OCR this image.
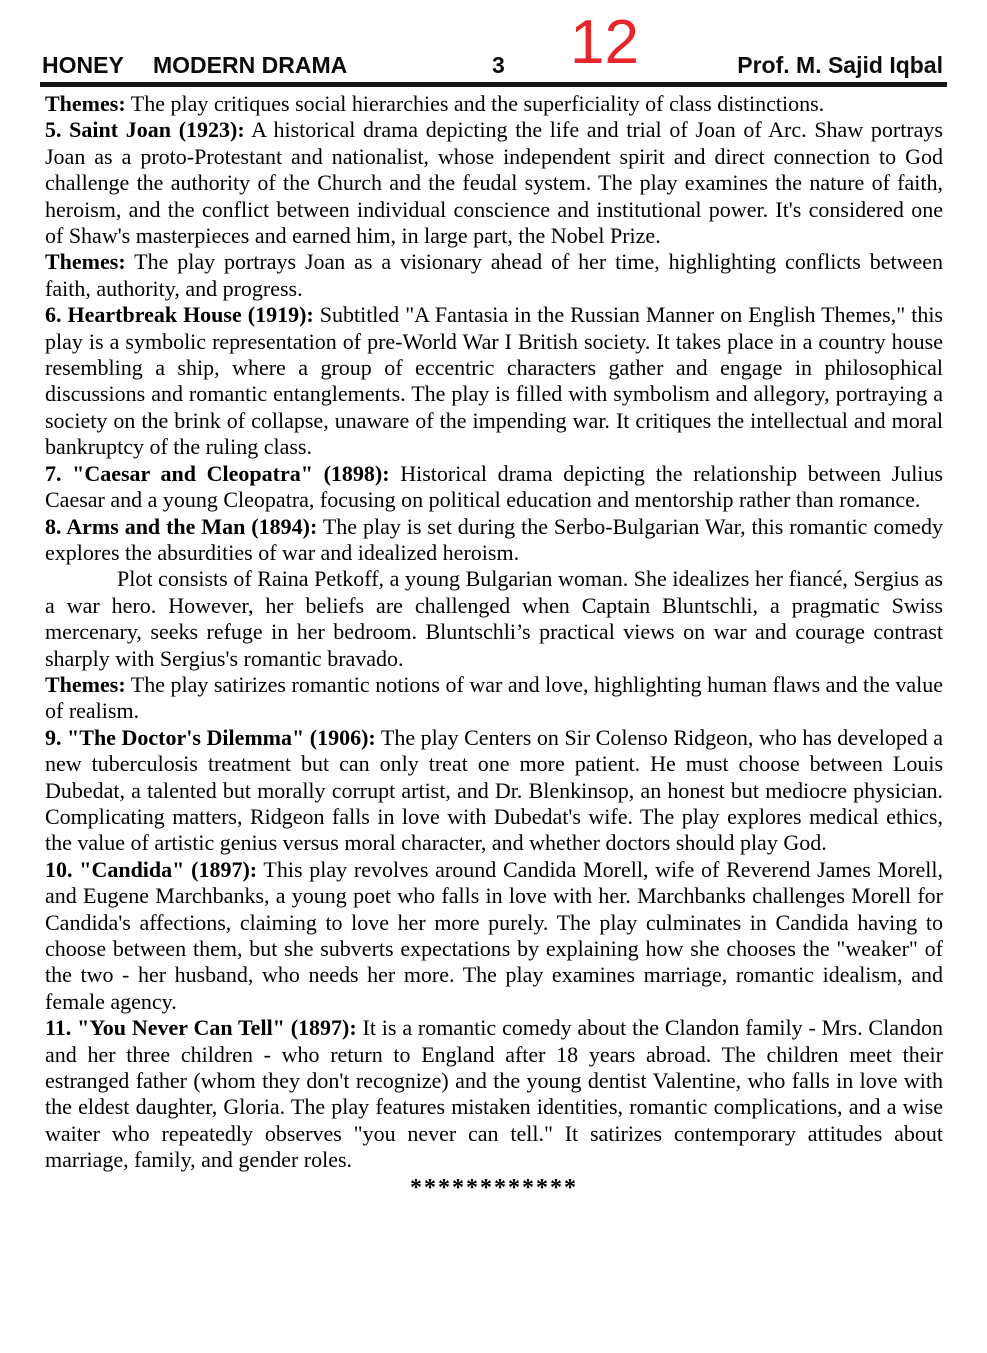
HONEY MODERN DRAMA	3 12	Prof. M. Sajid Iqbal

Themes: The play critiques social hierarchies and the superficiality of class distinctions.

5. Saint Joan (1923): A historical drama depicting the life and trial of Joan of Arc. Shaw portrays Joan as a proto-Protestant and nationalist, whose independent spirit and direct connection to God challenge the authority of the Church and the feudal system. The play examines the nature of faith, heroism, and the conflict between individual conscience and institutional power. It's considered one of Shaw's masterpieces and earned him, in large part, the Nobel Prize.

Themes: The play portrays Joan as a visionary ahead of her time, highlighting conflicts between faith, authority, and progress.

6. Heartbreak House (1919): Subtitled "A Fantasia in the Russian Manner on English Themes," this play is a symbolic representation of pre-World War I British society. It takes place in a country house resembling a ship, where a group of eccentric characters gather and engage in philosophical discussions and romantic entanglements. The play is filled with symbolism and allegory, portraying a society on the brink of collapse, unaware of the impending war. It critiques the intellectual and moral bankruptcy of the ruling class.

7. "Caesar and Cleopatra" (1898): Historical drama depicting the relationship between Julius Caesar and a young Cleopatra, focusing on political education and mentorship rather than romance.

8. Arms and the Man (1894): The play is set during the Serbo-Bulgarian War, this romantic comedy explores the absurdities of war and idealized heroism.

Plot consists of Raina Petkoff, a young Bulgarian woman. She idealizes her fiancé, Sergius as a war hero. However, her beliefs are challenged when Captain Bluntschli, a pragmatic Swiss mercenary, seeks refuge in her bedroom. Bluntschli’s practical views on war and courage contrast sharply with Sergius's romantic bravado.

Themes: The play satirizes romantic notions of war and love, highlighting human flaws and the value of realism.

9. "The Doctor's Dilemma" (1906): The play Centers on Sir Colenso Ridgeon, who has developed a new tuberculosis treatment but can only treat one more patient. He must choose between Louis Dubedat, a talented but morally corrupt artist, and Dr. Blenkinsop, an honest but mediocre physician. Complicating matters, Ridgeon falls in love with Dubedat's wife. The play explores medical ethics, the value of artistic genius versus moral character, and whether doctors should play God.

10. "Candida" (1897): This play revolves around Candida Morell, wife of Reverend James Morell, and Eugene Marchbanks, a young poet who falls in love with her. Marchbanks challenges Morell for Candida's affections, claiming to love her more purely. The play culminates in Candida having to choose between them, but she subverts expectations by explaining how she chooses the "weaker" of the two - her husband, who needs her more. The play examines marriage, romantic idealism, and female agency.

11. "You Never Can Tell" (1897): It is a romantic comedy about the Clandon family - Mrs. Clandon and her three children - who return to England after 18 years abroad. The children meet their estranged father (whom they don't recognize) and the young dentist Valentine, who falls in love with the eldest daughter, Gloria. The play features mistaken identities, romantic complications, and a wise waiter who repeatedly observes "you never can tell." It satirizes contemporary attitudes about marriage, family, and gender roles.

************
